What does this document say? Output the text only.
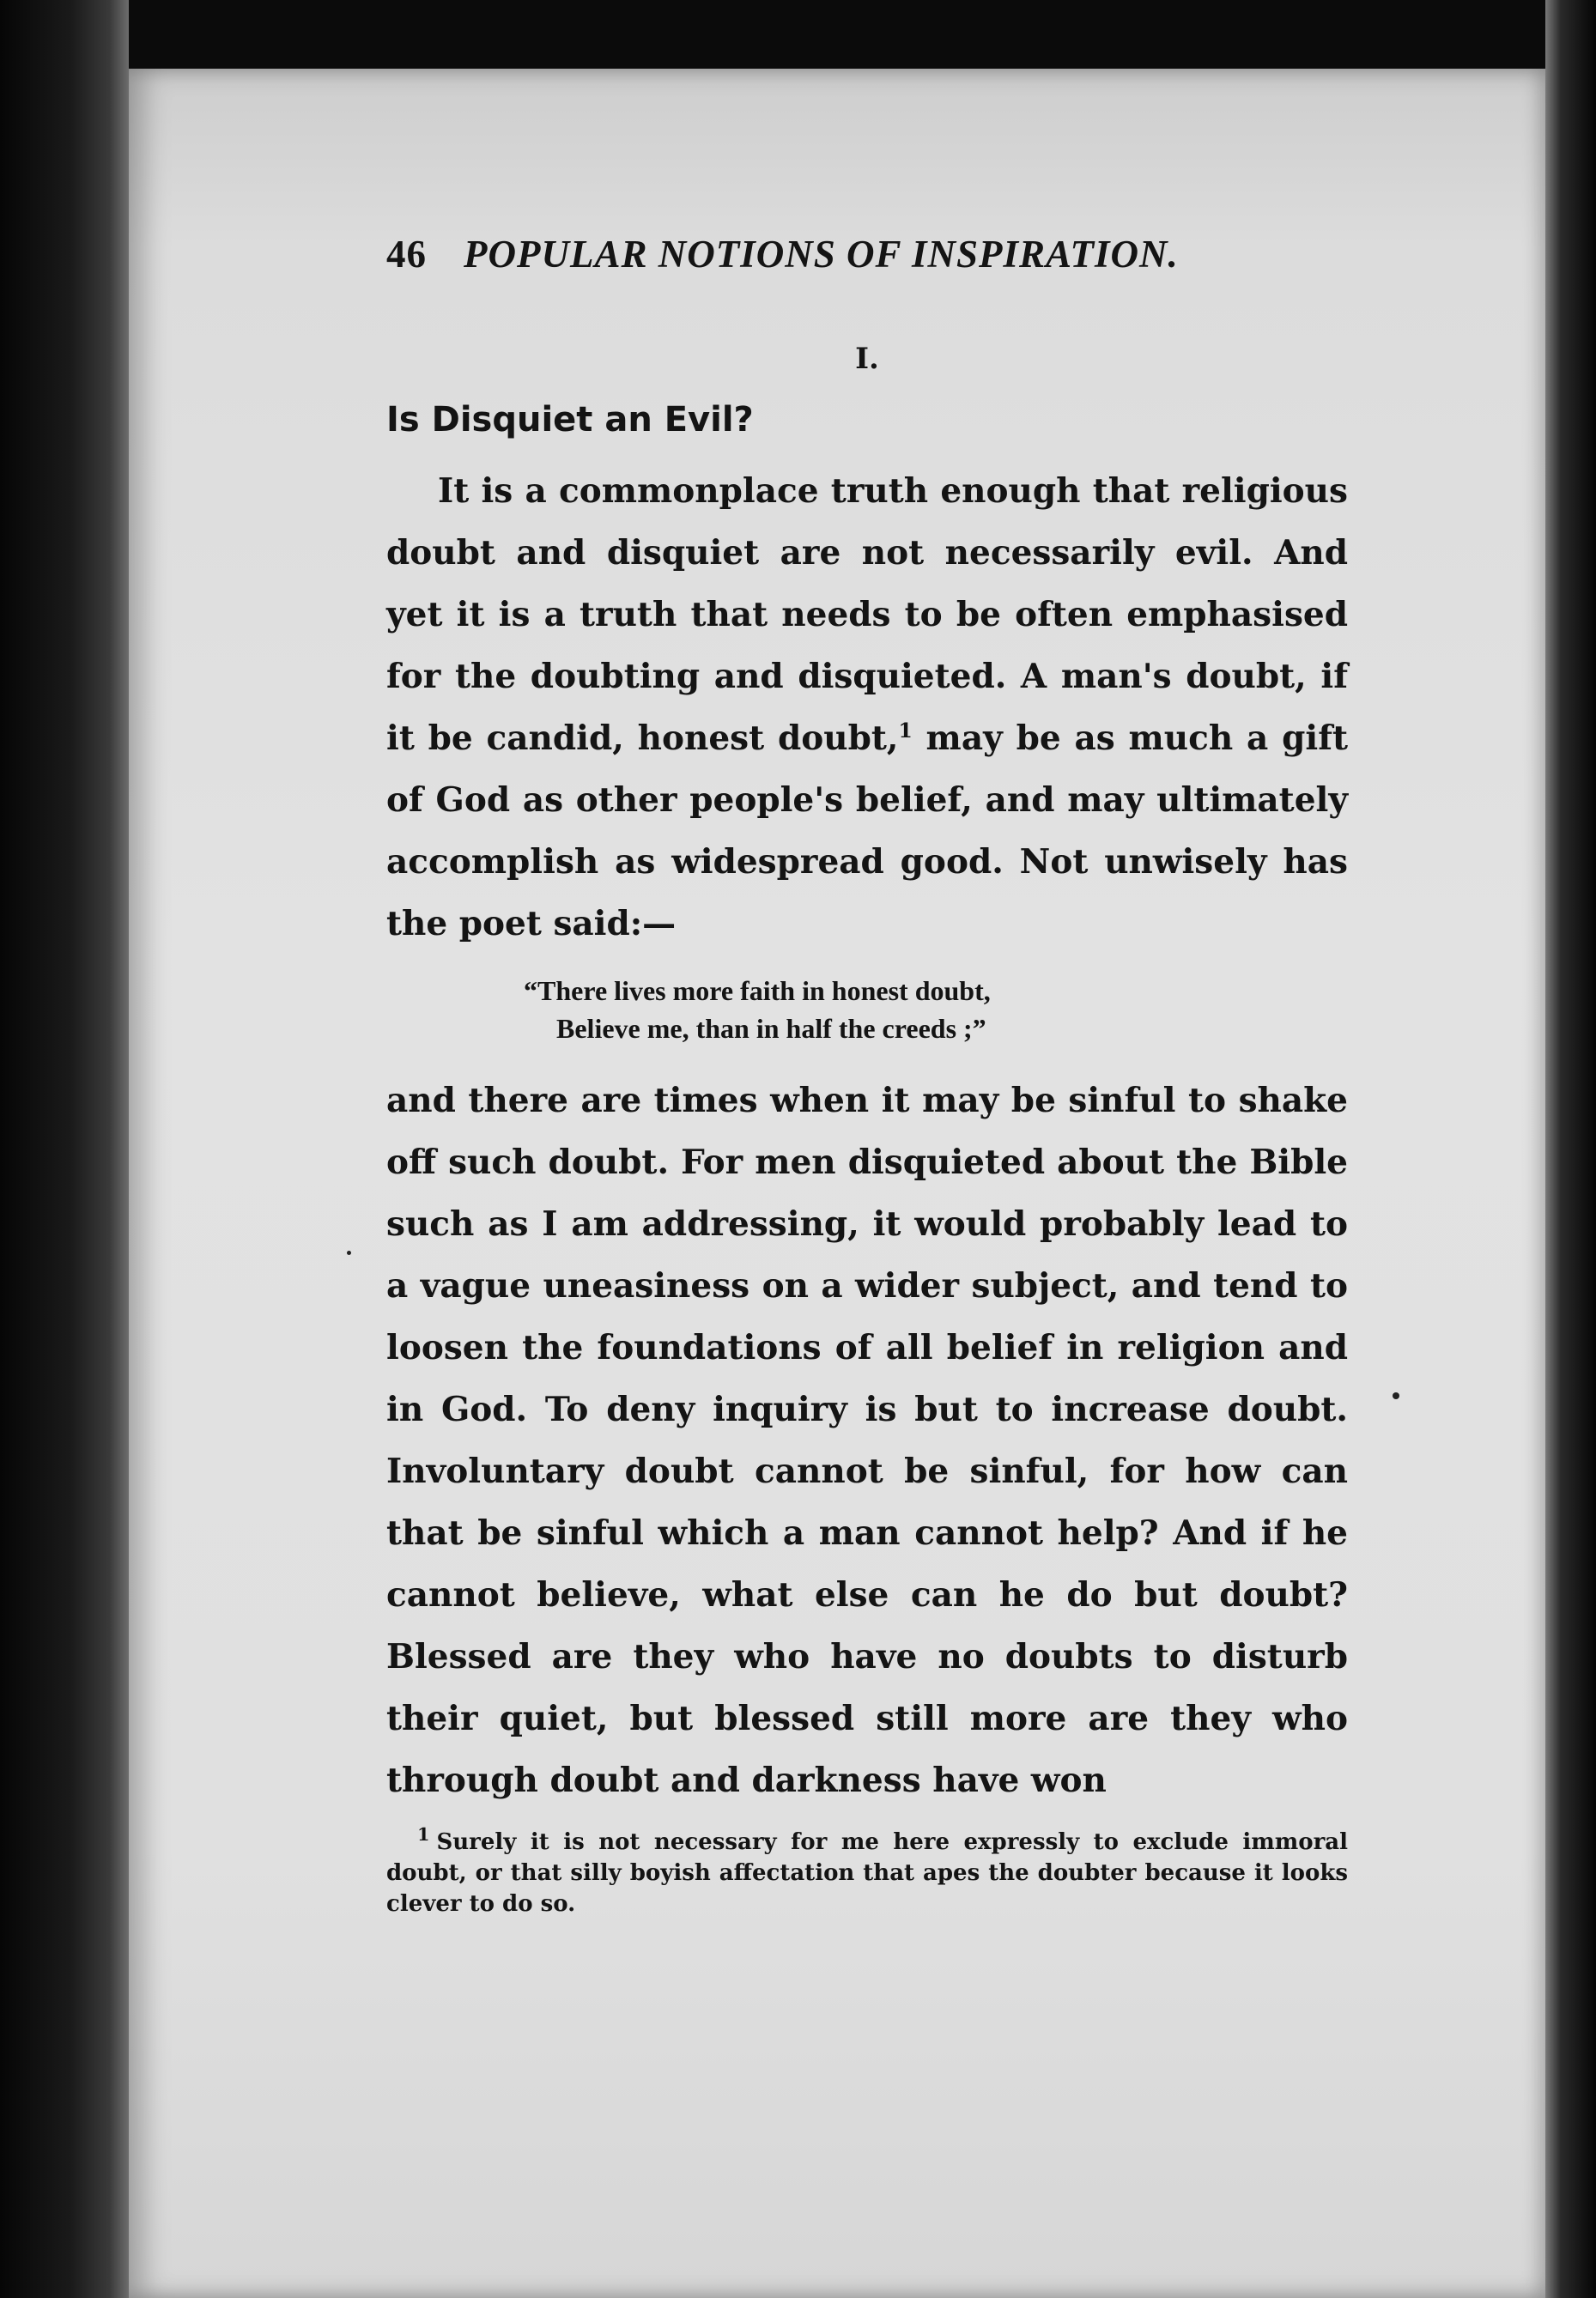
46 POPULAR NOTIONS OF INSPIRATION.
I.
Is Disquiet an Evil?

It is a commonplace truth enough that religious doubt and disquiet are not necessarily evil. And yet it is a truth that needs to be often emphasised for the doubting and disquieted. A man's doubt, if it be candid, honest doubt,$^1$ may be as much a gift of God as other people's belief, and may ultimately accomplish as widespread good. Not unwisely has the poet said:—

“There lives more faith in honest doubt,
Believe me, than in half the creeds ;”

and there are times when it may be sinful to shake off such doubt. For men disquieted about the Bible such as I am addressing, it would probably lead to a vague uneasiness on a wider subject, and tend to loosen the foundations of all belief in religion and in God. To deny inquiry is but to increase doubt. Involuntary doubt cannot be sinful, for how can that be sinful which a man cannot help? And if he cannot believe, what else can he do but doubt? Blessed are they who have no doubts to disturb their quiet, but blessed still more are they who through doubt and darkness have won

$^1$ Surely it is not necessary for me here expressly to exclude immoral doubt, or that silly boyish affectation that apes the doubter because it looks clever to do so.
